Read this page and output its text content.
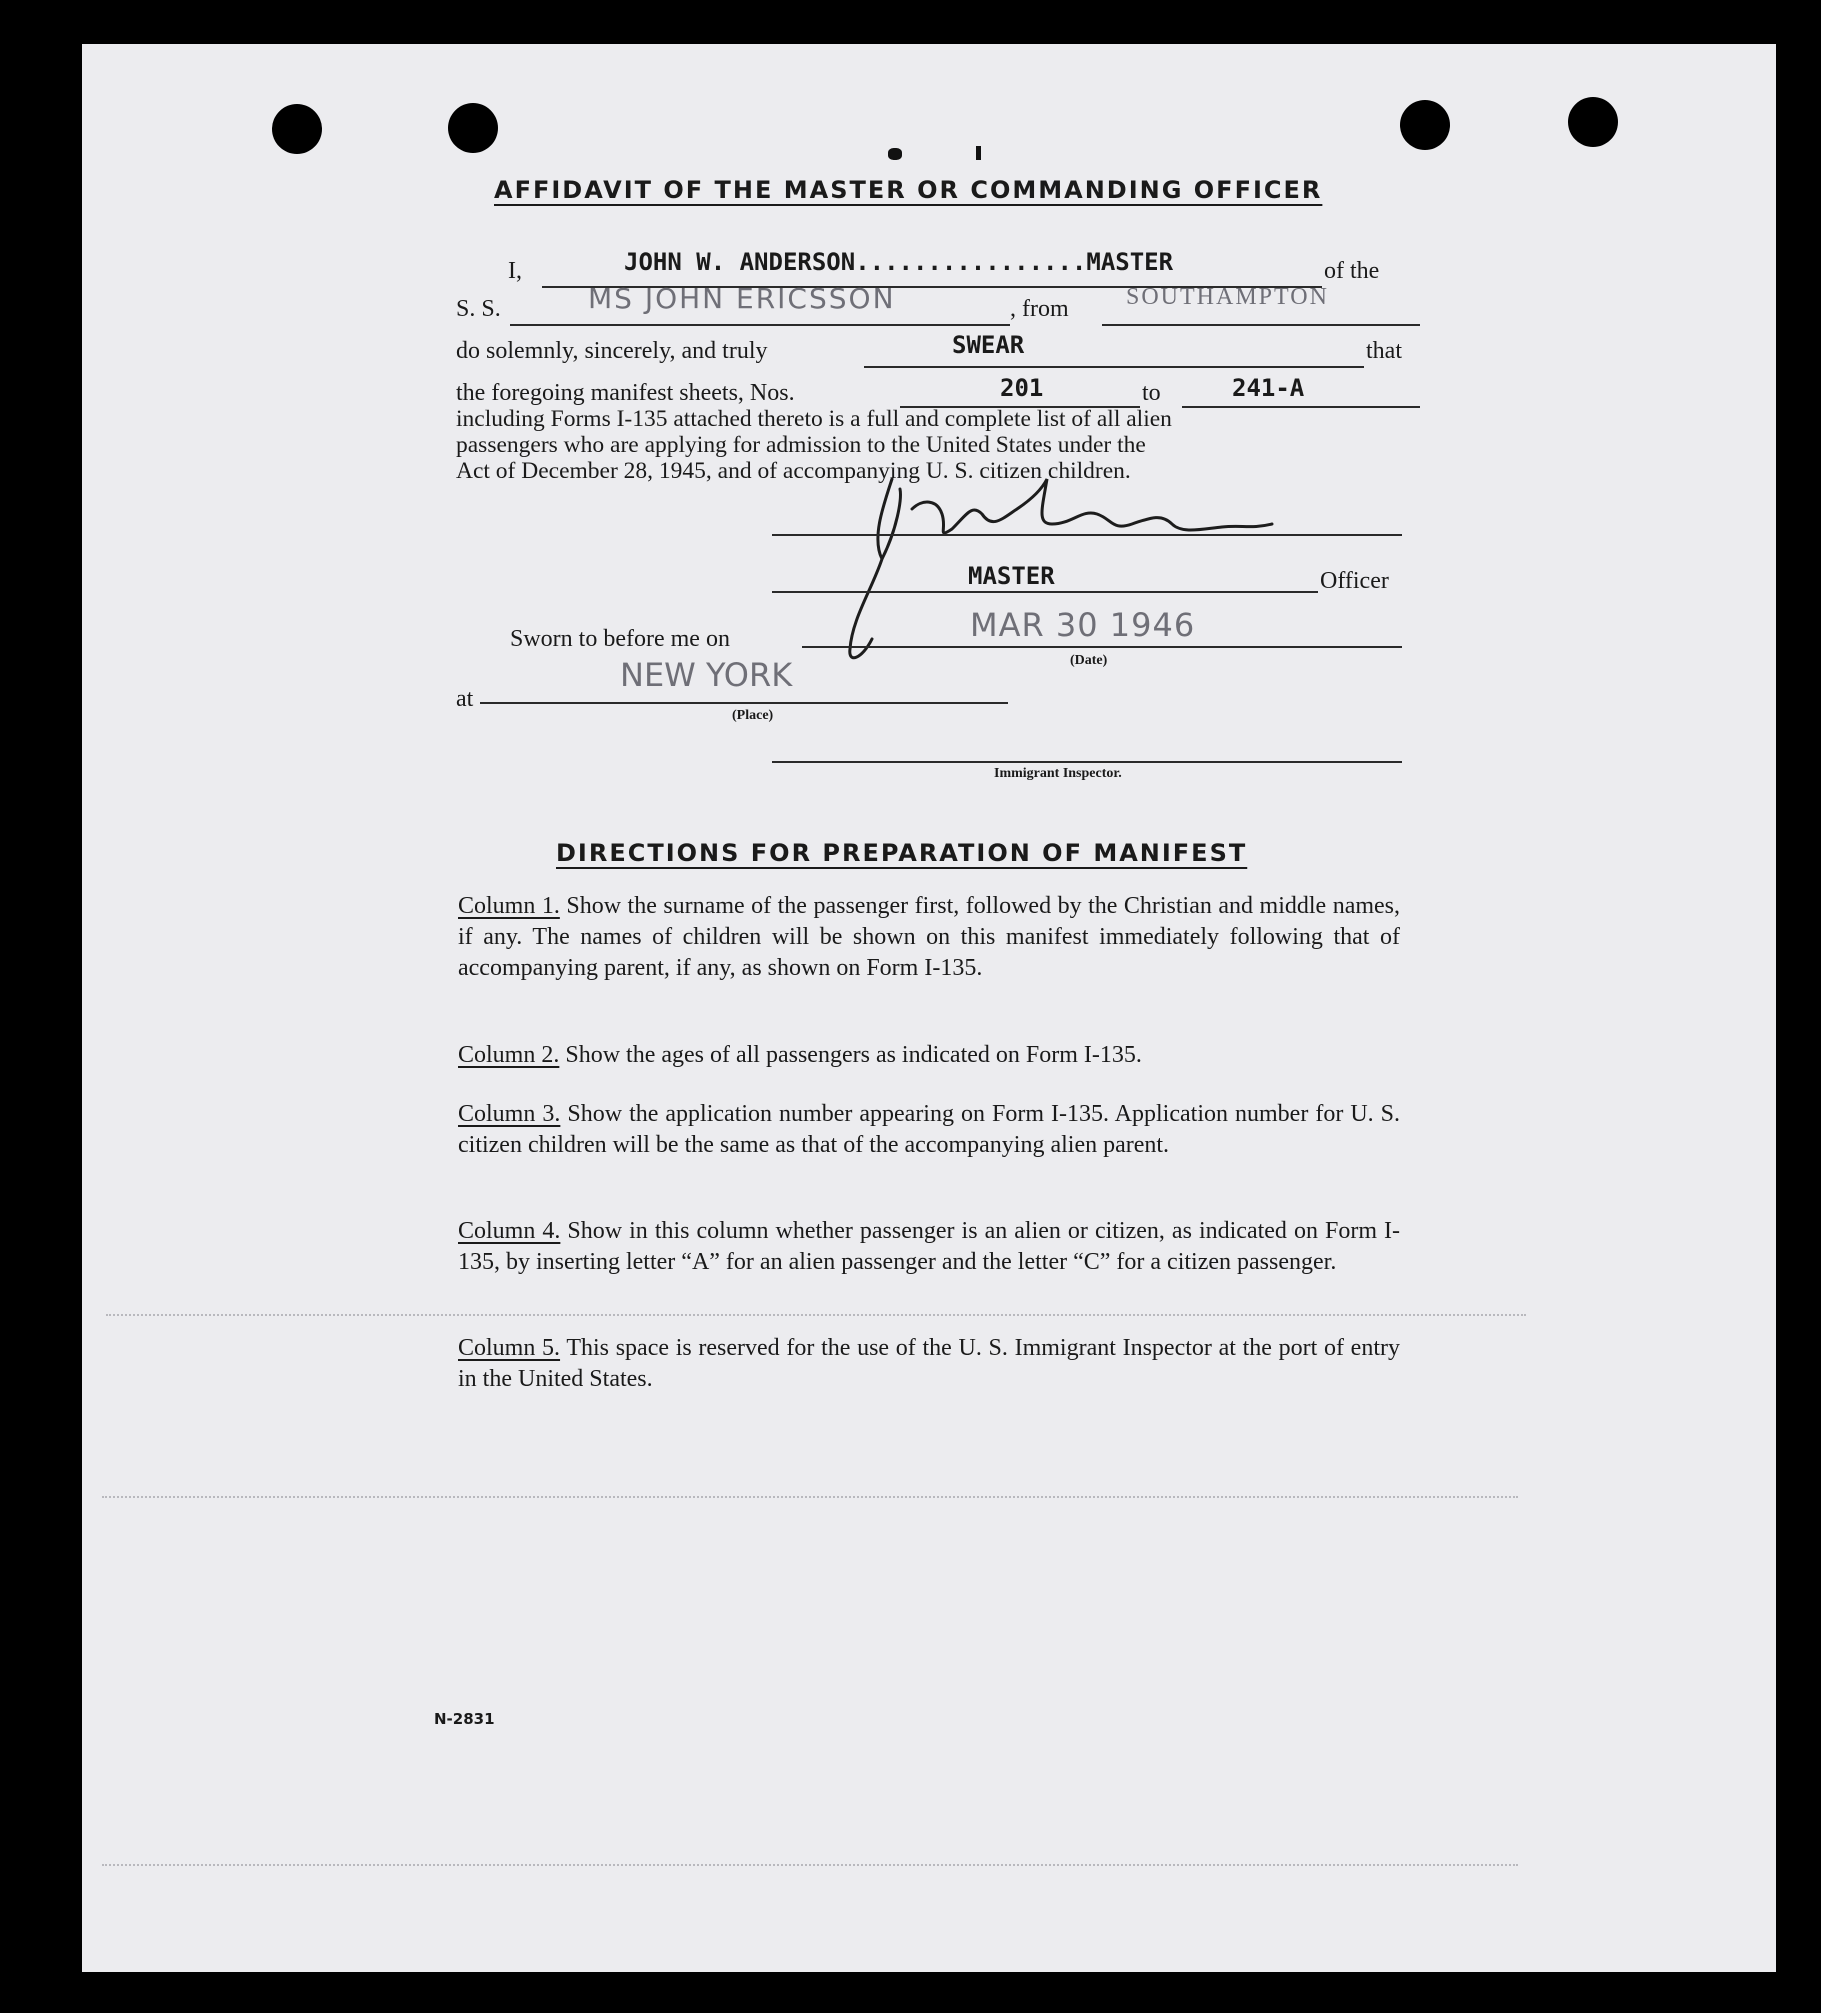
AFFIDAVIT OF THE MASTER OR COMMANDING OFFICER
I,	JOHN W. ANDERSON................MASTER	of the
S. S.	MS JOHN ERICSSON	, from SOUTHAMPTON
do solemnly, sincerely, and truly	SWEAR	that
the foregoing manifest sheets, Nos.	201	to	241-A
including Forms I-135 attached thereto is a full and complete list of all alien
passengers who are applying for admission to the United States under the
Act of December 28, 1945, and of accompanying U. S. citizen children.
MASTER	Officer
Sworn to before me on	MAR 30 1946
(Date)
at
NEW YORK
(Place)
Immigrant Inspector.
DIRECTIONS FOR PREPARATION OF MANIFEST
Column 1. Show the surname of the passenger first, followed by the Christian and middle names, if any. The names of children will be shown on this manifest immediately following that of accompanying parent, if any, as shown on Form I-135.
Column 2. Show the ages of all passengers as indicated on Form I-135.
Column 3. Show the application number appearing on Form I-135. Application number for U. S. citizen children will be the same as that of the accompanying alien parent.
Column 4. Show in this column whether passenger is an alien or citizen, as indicated on Form I-135, by inserting letter “A” for an alien passenger and the letter “C” for a citizen passenger.
Column 5. This space is reserved for the use of the U. S. Immigrant Inspector at the port of entry in the United States.
N-2831
